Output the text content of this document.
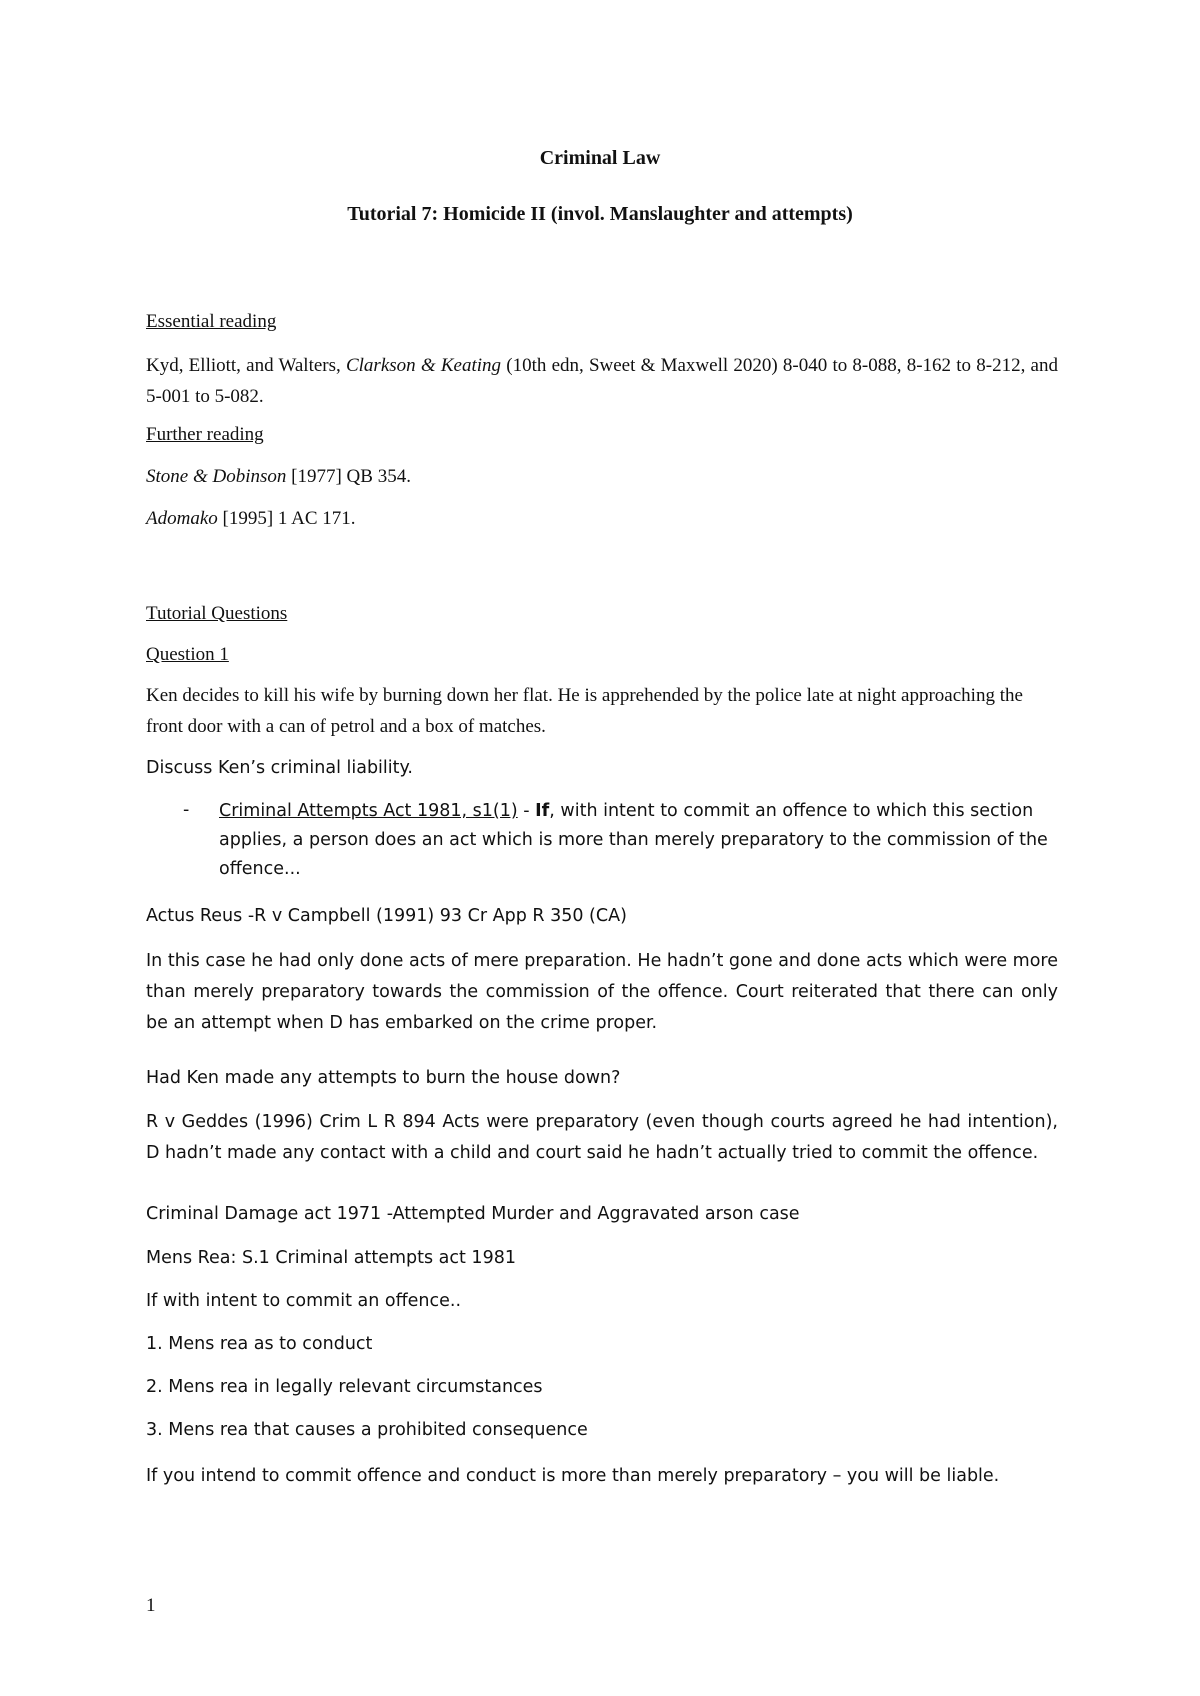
Criminal Law
Tutorial 7: Homicide II (invol. Manslaughter and attempts)
Essential reading
Kyd, Elliott, and Walters, Clarkson & Keating (10th edn, Sweet & Maxwell 2020) 8-040 to 8-088, 8-162 to 8-212, and 5-001 to 5-082.
Further reading
Stone & Dobinson [1977] QB 354.
Adomako [1995] 1 AC 171.
Tutorial Questions
Question 1
Ken decides to kill his wife by burning down her flat. He is apprehended by the police late at night approaching the front door with a can of petrol and a box of matches.
Discuss Ken’s criminal liability.
- Criminal Attempts Act 1981, s1(1) - If, with intent to commit an offence to which this section applies, a person does an act which is more than merely preparatory to the commission of the offence...
Actus Reus -R v Campbell (1991) 93 Cr App R 350 (CA)
In this case he had only done acts of mere preparation. He hadn’t gone and done acts which were more than merely preparatory towards the commission of the offence. Court reiterated that there can only be an attempt when D has embarked on the crime proper.
Had Ken made any attempts to burn the house down?
R v Geddes (1996) Crim L R 894 Acts were preparatory (even though courts agreed he had intention), D hadn’t made any contact with a child and court said he hadn’t actually tried to commit the offence.
Criminal Damage act 1971 -Attempted Murder and Aggravated arson case
Mens Rea: S.1 Criminal attempts act 1981
If with intent to commit an offence..
1. Mens rea as to conduct
2. Mens rea in legally relevant circumstances
3. Mens rea that causes a prohibited consequence
If you intend to commit offence and conduct is more than merely preparatory – you will be liable.
1
